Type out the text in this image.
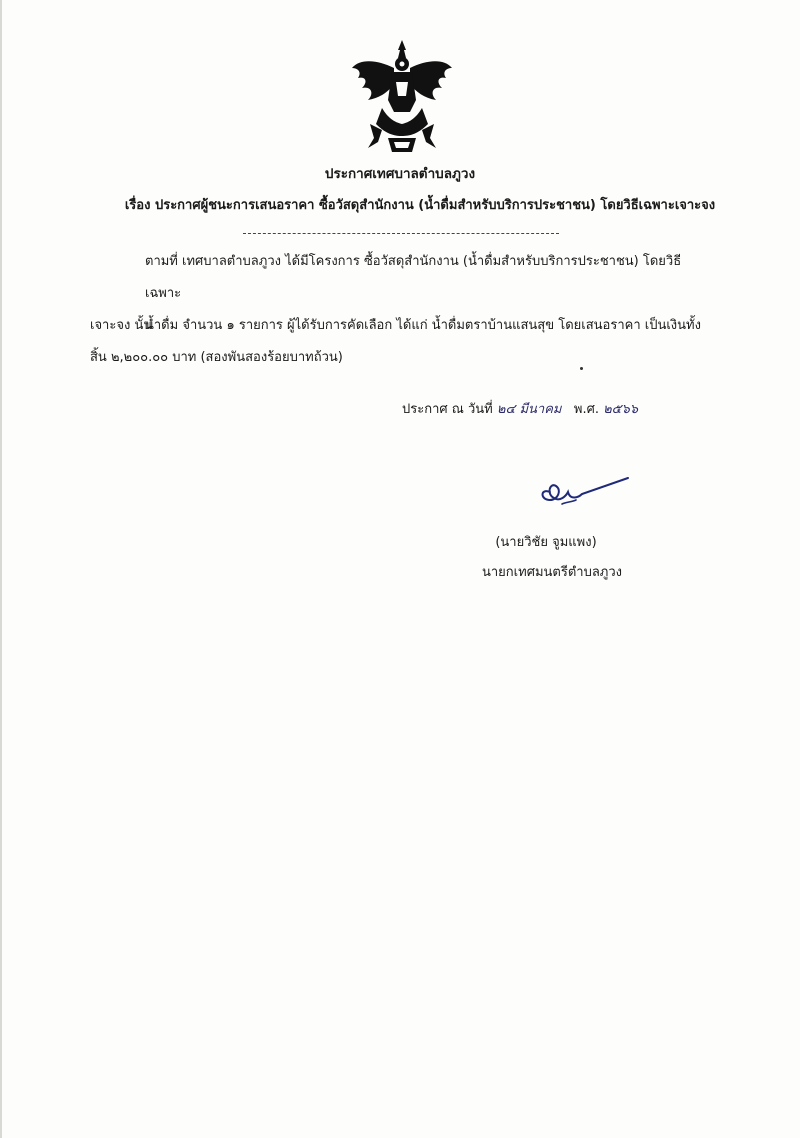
ประกาศเทศบาลตำบลภูวง
เรื่อง ประกาศผู้ชนะการเสนอราคา ซื้อวัสดุสำนักงาน (น้ำดื่มสำหรับบริการประชาชน) โดยวิธีเฉพาะเจาะจง
ตามที่ เทศบาลตำบลภูวง ได้มีโครงการ ซื้อวัสดุสำนักงาน (น้ำดื่มสำหรับบริการประชาชน) โดยวิธีเฉพาะ
เจาะจง นั้น
น้ำดื่ม จำนวน ๑ รายการ ผู้ได้รับการคัดเลือก ได้แก่ น้ำดื่มตราบ้านแสนสุข โดยเสนอราคา เป็นเงินทั้ง
สิ้น ๒,๒๐๐.๐๐ บาท (สองพันสองร้อยบาทถ้วน)
ประกาศ ณ วันที่ ๒๔ มีนาคม พ.ศ. ๒๕๖๖
(นายวิชัย จูมแพง)
นายกเทศมนตรีตำบลภูวง
